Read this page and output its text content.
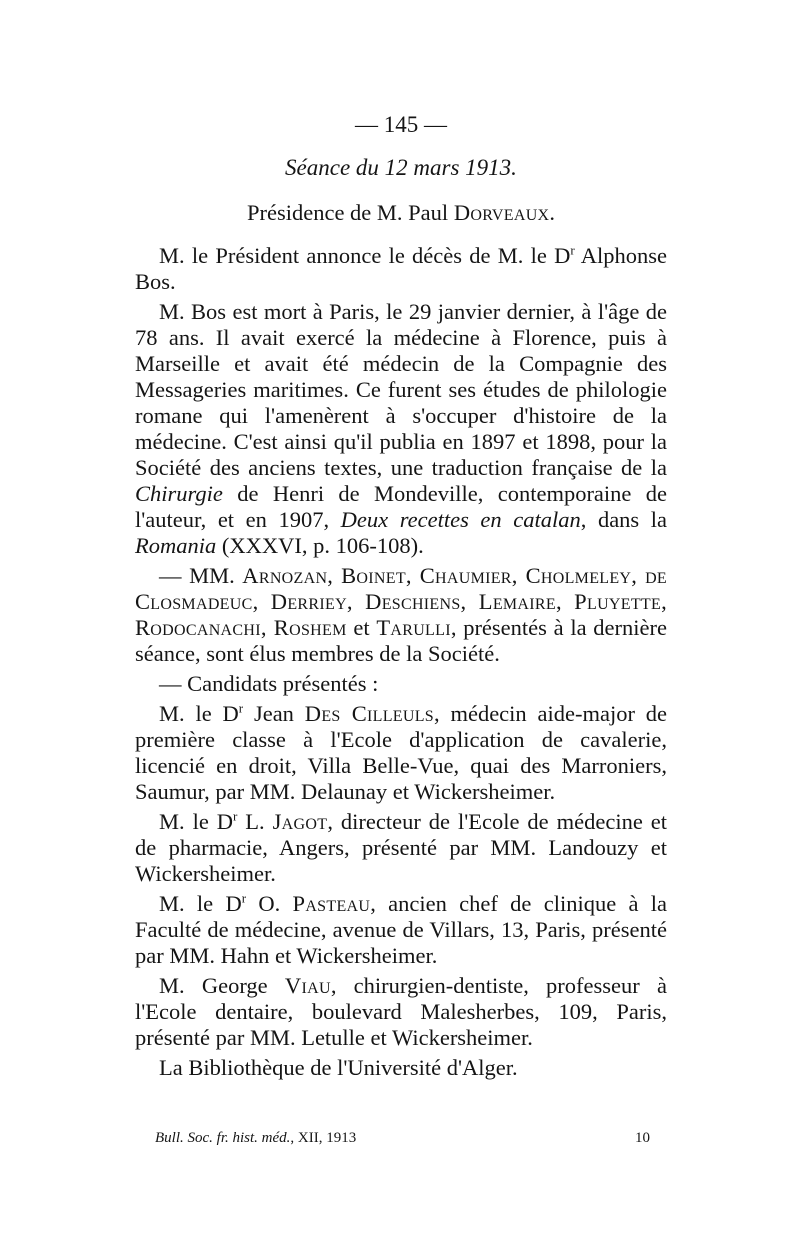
— 145 —
Séance du 12 mars 1913.
Présidence de M. Paul Dorveaux.

M. le Président annonce le décès de M. le $D^r$ Alphonse Bos.

M. Bos est mort à Paris, le 29 janvier dernier, à l'âge de 78 ans. Il avait exercé la médecine à Florence, puis à Marseille et avait été médecin de la Compagnie des Messageries maritimes. Ce furent ses études de philologie romane qui l'amenèrent à s'occuper d'histoire de la médecine. C'est ainsi qu'il publia en 1897 et 1898, pour la Société des anciens textes, une traduction française de la Chirurgie de Henri de Mondeville, contemporaine de l'auteur, et en 1907, Deux recettes en catalan, dans la Romania (XXXVI, p. 106-108).

— MM. Arnozan, Boinet, Chaumier, Cholmeley, de Closmadeuc, Derriey, Deschiens, Lemaire, Pluyette, Rodocanachi, Roshem et Tarulli, présentés à la dernière séance, sont élus membres de la Société.

— Candidats présentés :

M. le $D^r$ Jean Des Cilleuls, médecin aide-major de première classe à l'Ecole d'application de cavalerie, licencié en droit, Villa Belle-Vue, quai des Marroniers, Saumur, par MM. Delaunay et Wickersheimer.

M. le $D^r$ L. Jagot, directeur de l'Ecole de médecine et de pharmacie, Angers, présenté par MM. Landouzy et Wickersheimer.

M. le $D^r$ O. Pasteau, ancien chef de clinique à la Faculté de médecine, avenue de Villars, 13, Paris, présenté par MM. Hahn et Wickersheimer.

M. George Viau, chirurgien-dentiste, professeur à l'Ecole dentaire, boulevard Malesherbes, 109, Paris, présenté par MM. Letulle et Wickersheimer.

La Bibliothèque de l'Université d'Alger.

Bull. Soc. fr. hist. méd., XII, 1913	10
